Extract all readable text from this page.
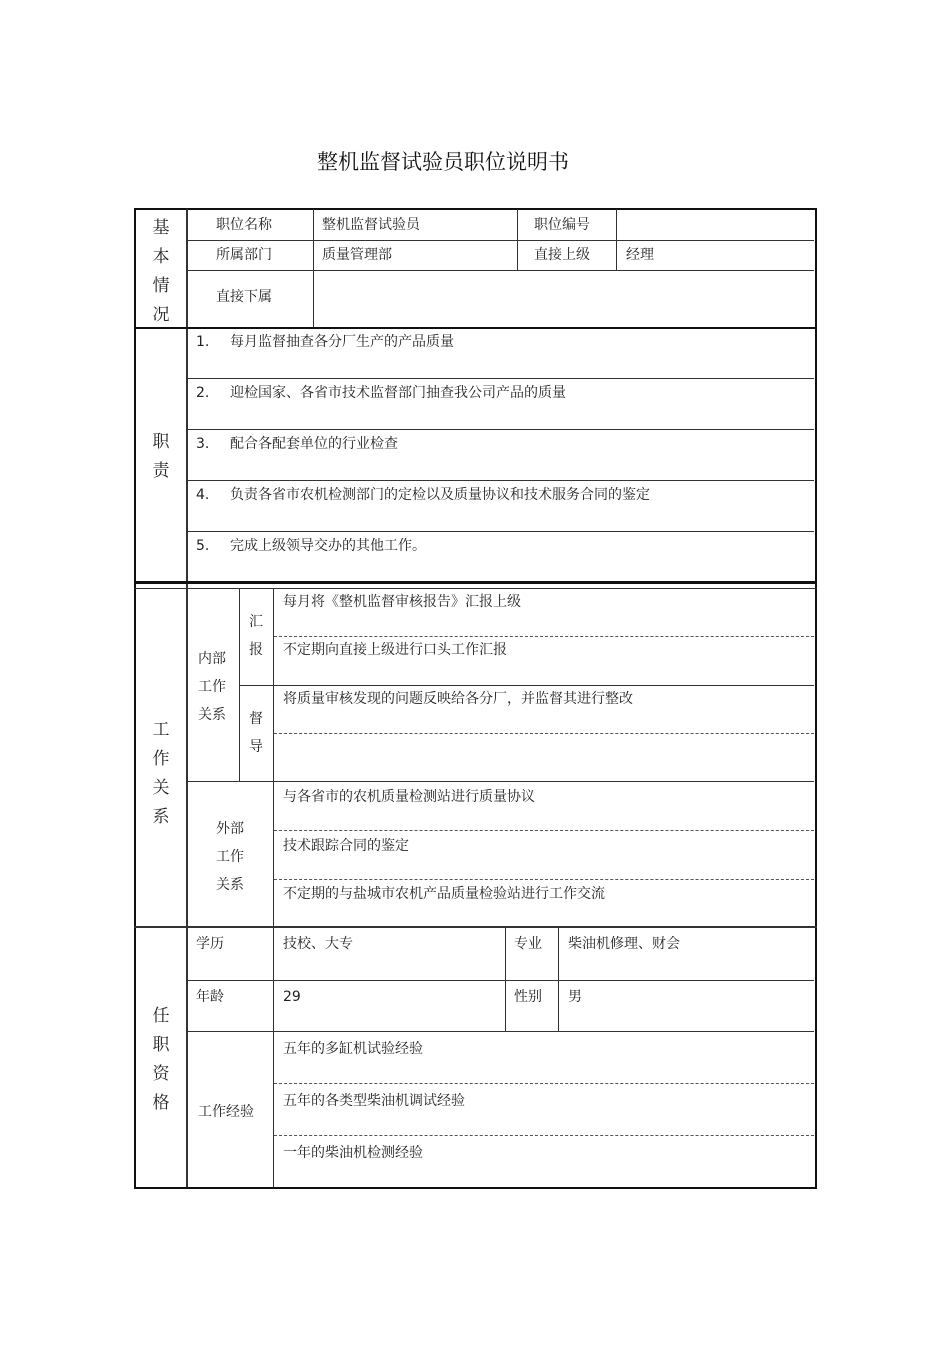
整机监督试验员职位说明书
基
本
情
况
职位名称	整机监督试验员	职位编号
所属部门	质量管理部	直接上级	经理
直接下属
职
责
1. 每月监督抽查各分厂生产的产品质量
2. 迎检国家、各省市技术监督部门抽查我公司产品的质量
3. 配合各配套单位的行业检查
4. 负责各省市农机检测部门的定检以及质量协议和技术服务合同的鉴定
5. 完成上级领导交办的其他工作。
工
作
关
系
内部
工作
关系
汇
报
每月将《整机监督审核报告》汇报上级
不定期向直接上级进行口头工作汇报
督
导
将质量审核发现的问题反映给各分厂，并监督其进行整改
外部
工作
关系
与各省市的农机质量检测站进行质量协议
技术跟踪合同的鉴定
不定期的与盐城市农机产品质量检验站进行工作交流
任
职
资
格
学历	技校、大专	专业 柴油机修理、财会
年龄	29	性别 男
工作经验
五年的多缸机试验经验
五年的各类型柴油机调试经验
一年的柴油机检测经验
